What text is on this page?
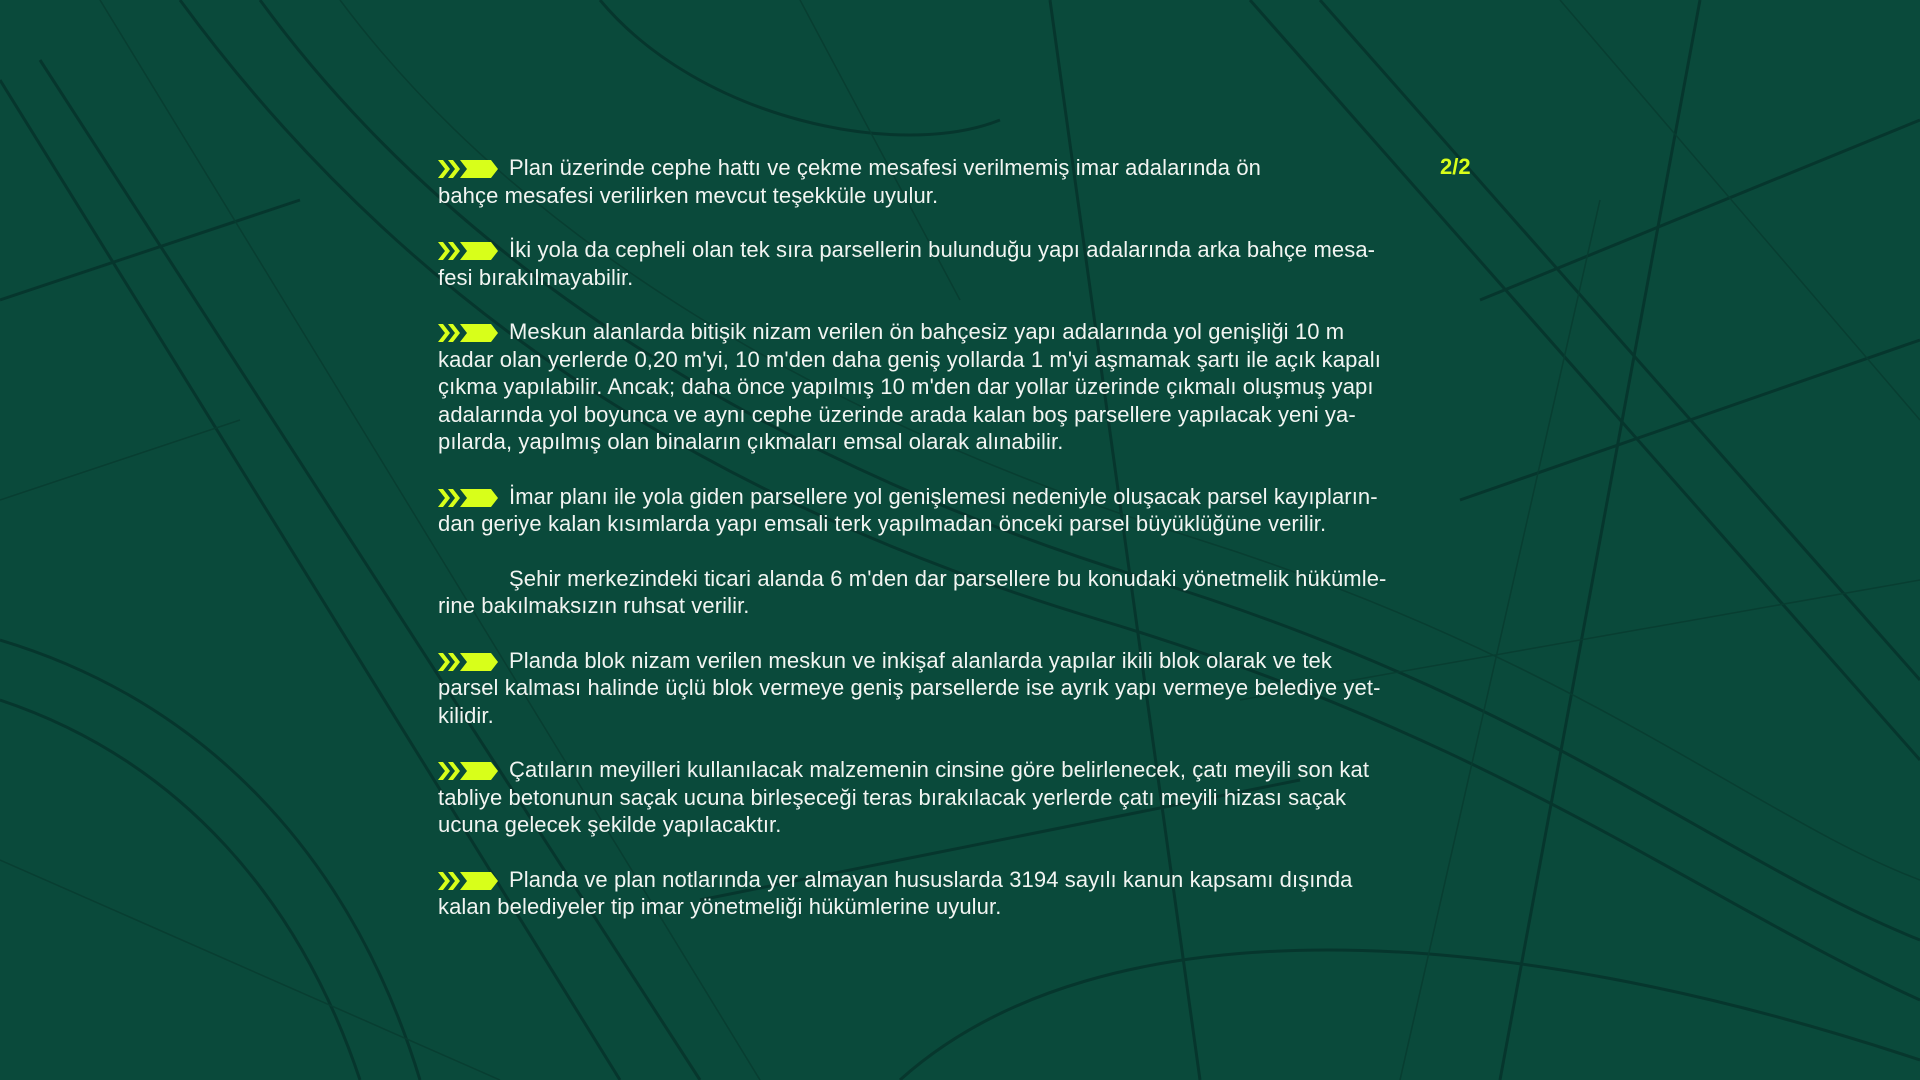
2/2
Plan üzerinde cephe hattı ve çekme mesafesi verilmemiş imar adalarında ön
bahçe mesafesi verilirken mevcut teşekküle uyulur.
İki yola da cepheli olan tek sıra parsellerin bulunduğu yapı adalarında arka bahçe mesa-
fesi bırakılmayabilir.
Meskun alanlarda bitişik nizam verilen ön bahçesiz yapı adalarında yol genişliği 10 m
kadar olan yerlerde 0,20 m'yi, 10 m'den daha geniş yollarda 1 m'yi aşmamak şartı ile açık kapalı
çıkma yapılabilir. Ancak; daha önce yapılmış 10 m'den dar yollar üzerinde çıkmalı oluşmuş yapı
adalarında yol boyunca ve aynı cephe üzerinde arada kalan boş parsellere yapılacak yeni ya-
pılarda, yapılmış olan binaların çıkmaları emsal olarak alınabilir.
İmar planı ile yola giden parsellere yol genişlemesi nedeniyle oluşacak parsel kayıpların-
dan geriye kalan kısımlarda yapı emsali terk yapılmadan önceki parsel büyüklüğüne verilir.
Şehir merkezindeki ticari alanda 6 m'den dar parsellere bu konudaki yönetmelik hükümle-
rine bakılmaksızın ruhsat verilir.
Planda blok nizam verilen meskun ve inkişaf alanlarda yapılar ikili blok olarak ve tek
parsel kalması halinde üçlü blok vermeye geniş parsellerde ise ayrık yapı vermeye belediye yet-
kilidir.
Çatıların meyilleri kullanılacak malzemenin cinsine göre belirlenecek, çatı meyili son kat
tabliye betonunun saçak ucuna birleşeceği teras bırakılacak yerlerde çatı meyili hizası saçak
ucuna gelecek şekilde yapılacaktır.
Planda ve plan notlarında yer almayan hususlarda 3194 sayılı kanun kapsamı dışında
kalan belediyeler tip imar yönetmeliği hükümlerine uyulur.
